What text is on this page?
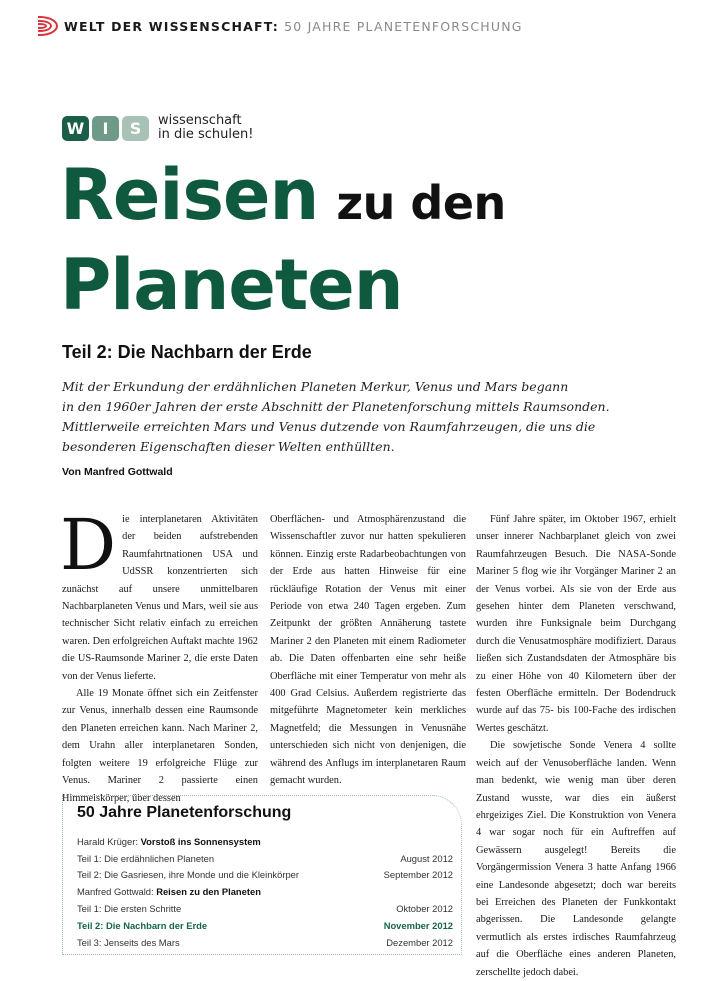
WELT DER WISSENSCHAFT: 50 JAHRE PLANETENFORSCHUNG
W	I	S	wissenschaft
in die schulen!
Reisen zu den
Planeten
Teil 2: Die Nachbarn der Erde

Mit der Erkundung der erdähnlichen Planeten Merkur, Venus und Mars begann

in den 1960er Jahren der erste Abschnitt der Planetenforschung mittels Raumsonden.

Mittlerweile erreichten Mars und Venus dutzende von Raumfahrzeugen, die uns die

besonderen Eigenschaften dieser Welten enthüllten.

Von Manfred Gottwald

Die interplanetaren Aktivitäten der beiden aufstrebenden Raumfahrtnationen USA und UdSSR konzentrierten sich zunächst auf unsere unmittelbaren Nachbarplaneten Venus und Mars, weil sie aus technischer Sicht relativ einfach zu erreichen waren. Den erfolgreichen Auftakt machte 1962 die US-Raumsonde Mariner 2, die erste Daten von der Venus lieferte.

Alle 19 Monate öffnet sich ein Zeitfenster zur Venus, innerhalb dessen eine Raumsonde den Planeten erreichen kann. Nach Mariner 2, dem Urahn aller interplanetaren Sonden, folgten weitere 19 erfolgreiche Flüge zur Venus. Mariner 2 passierte einen Himmelskörper, über dessen

Oberflächen- und Atmosphärenzustand die Wissenschaftler zuvor nur hatten spekulieren können. Einzig erste Radarbeobachtungen von der Erde aus hatten Hinweise für eine rückläufige Rotation der Venus mit einer Periode von etwa 240 Tagen ergeben. Zum Zeitpunkt der größten Annäherung tastete Mariner 2 den Planeten mit einem Radiometer ab. Die Daten offenbarten eine sehr heiße Oberfläche mit einer Temperatur von mehr als 400 Grad Celsius. Außerdem registrierte das mitgeführte Magnetometer kein merkliches Magnetfeld; die Messungen in Venusnähe unterschieden sich nicht von denjenigen, die während des Anflugs im interplanetaren Raum gemacht wurden.

Fünf Jahre später, im Oktober 1967, erhielt unser innerer Nachbarplanet gleich von zwei Raumfahrzeugen Besuch. Die NASA-Sonde Mariner 5 flog wie ihr Vorgänger Mariner 2 an der Venus vorbei. Als sie von der Erde aus gesehen hinter dem Planeten verschwand, wurden ihre Funksignale beim Durchgang durch die Venusatmosphäre modifiziert. Daraus ließen sich Zustandsdaten der Atmosphäre bis zu einer Höhe von 40 Kilometern über der festen Oberfläche ermitteln. Der Bodendruck wurde auf das 75- bis 100-Fache des irdischen Wertes geschätzt.

Die sowjetische Sonde Venera 4 sollte weich auf der Venusoberfläche landen. Wenn man bedenkt, wie wenig man über deren Zustand wusste, war dies ein äußerst ehrgeiziges Ziel. Die Konstruktion von Venera 4 war sogar noch für ein Auftreffen auf Gewässern ausgelegt! Bereits die Vorgängermission Venera 3 hatte Anfang 1966 eine Landesonde abgesetzt; doch war bereits bei Erreichen des Planeten der Funkkontakt abgerissen. Die Landesonde gelangte vermutlich als erstes irdisches Raumfahrzeug auf die Oberfläche eines anderen Planeten, zerschellte jedoch dabei.

50 Jahre Planetenforschung
Harald Krüger: Vorstoß ins Sonnensystem
Teil 1: Die erdähnlichen Planeten	August 2012
Teil 2: Die Gasriesen, ihre Monde und die Kleinkörper	September 2012
Manfred Gottwald: Reisen zu den Planeten
Teil 1: Die ersten Schritte	Oktober 2012
Teil 2: Die Nachbarn der Erde	November 2012
Teil 3: Jenseits des Mars	Dezember 2012
